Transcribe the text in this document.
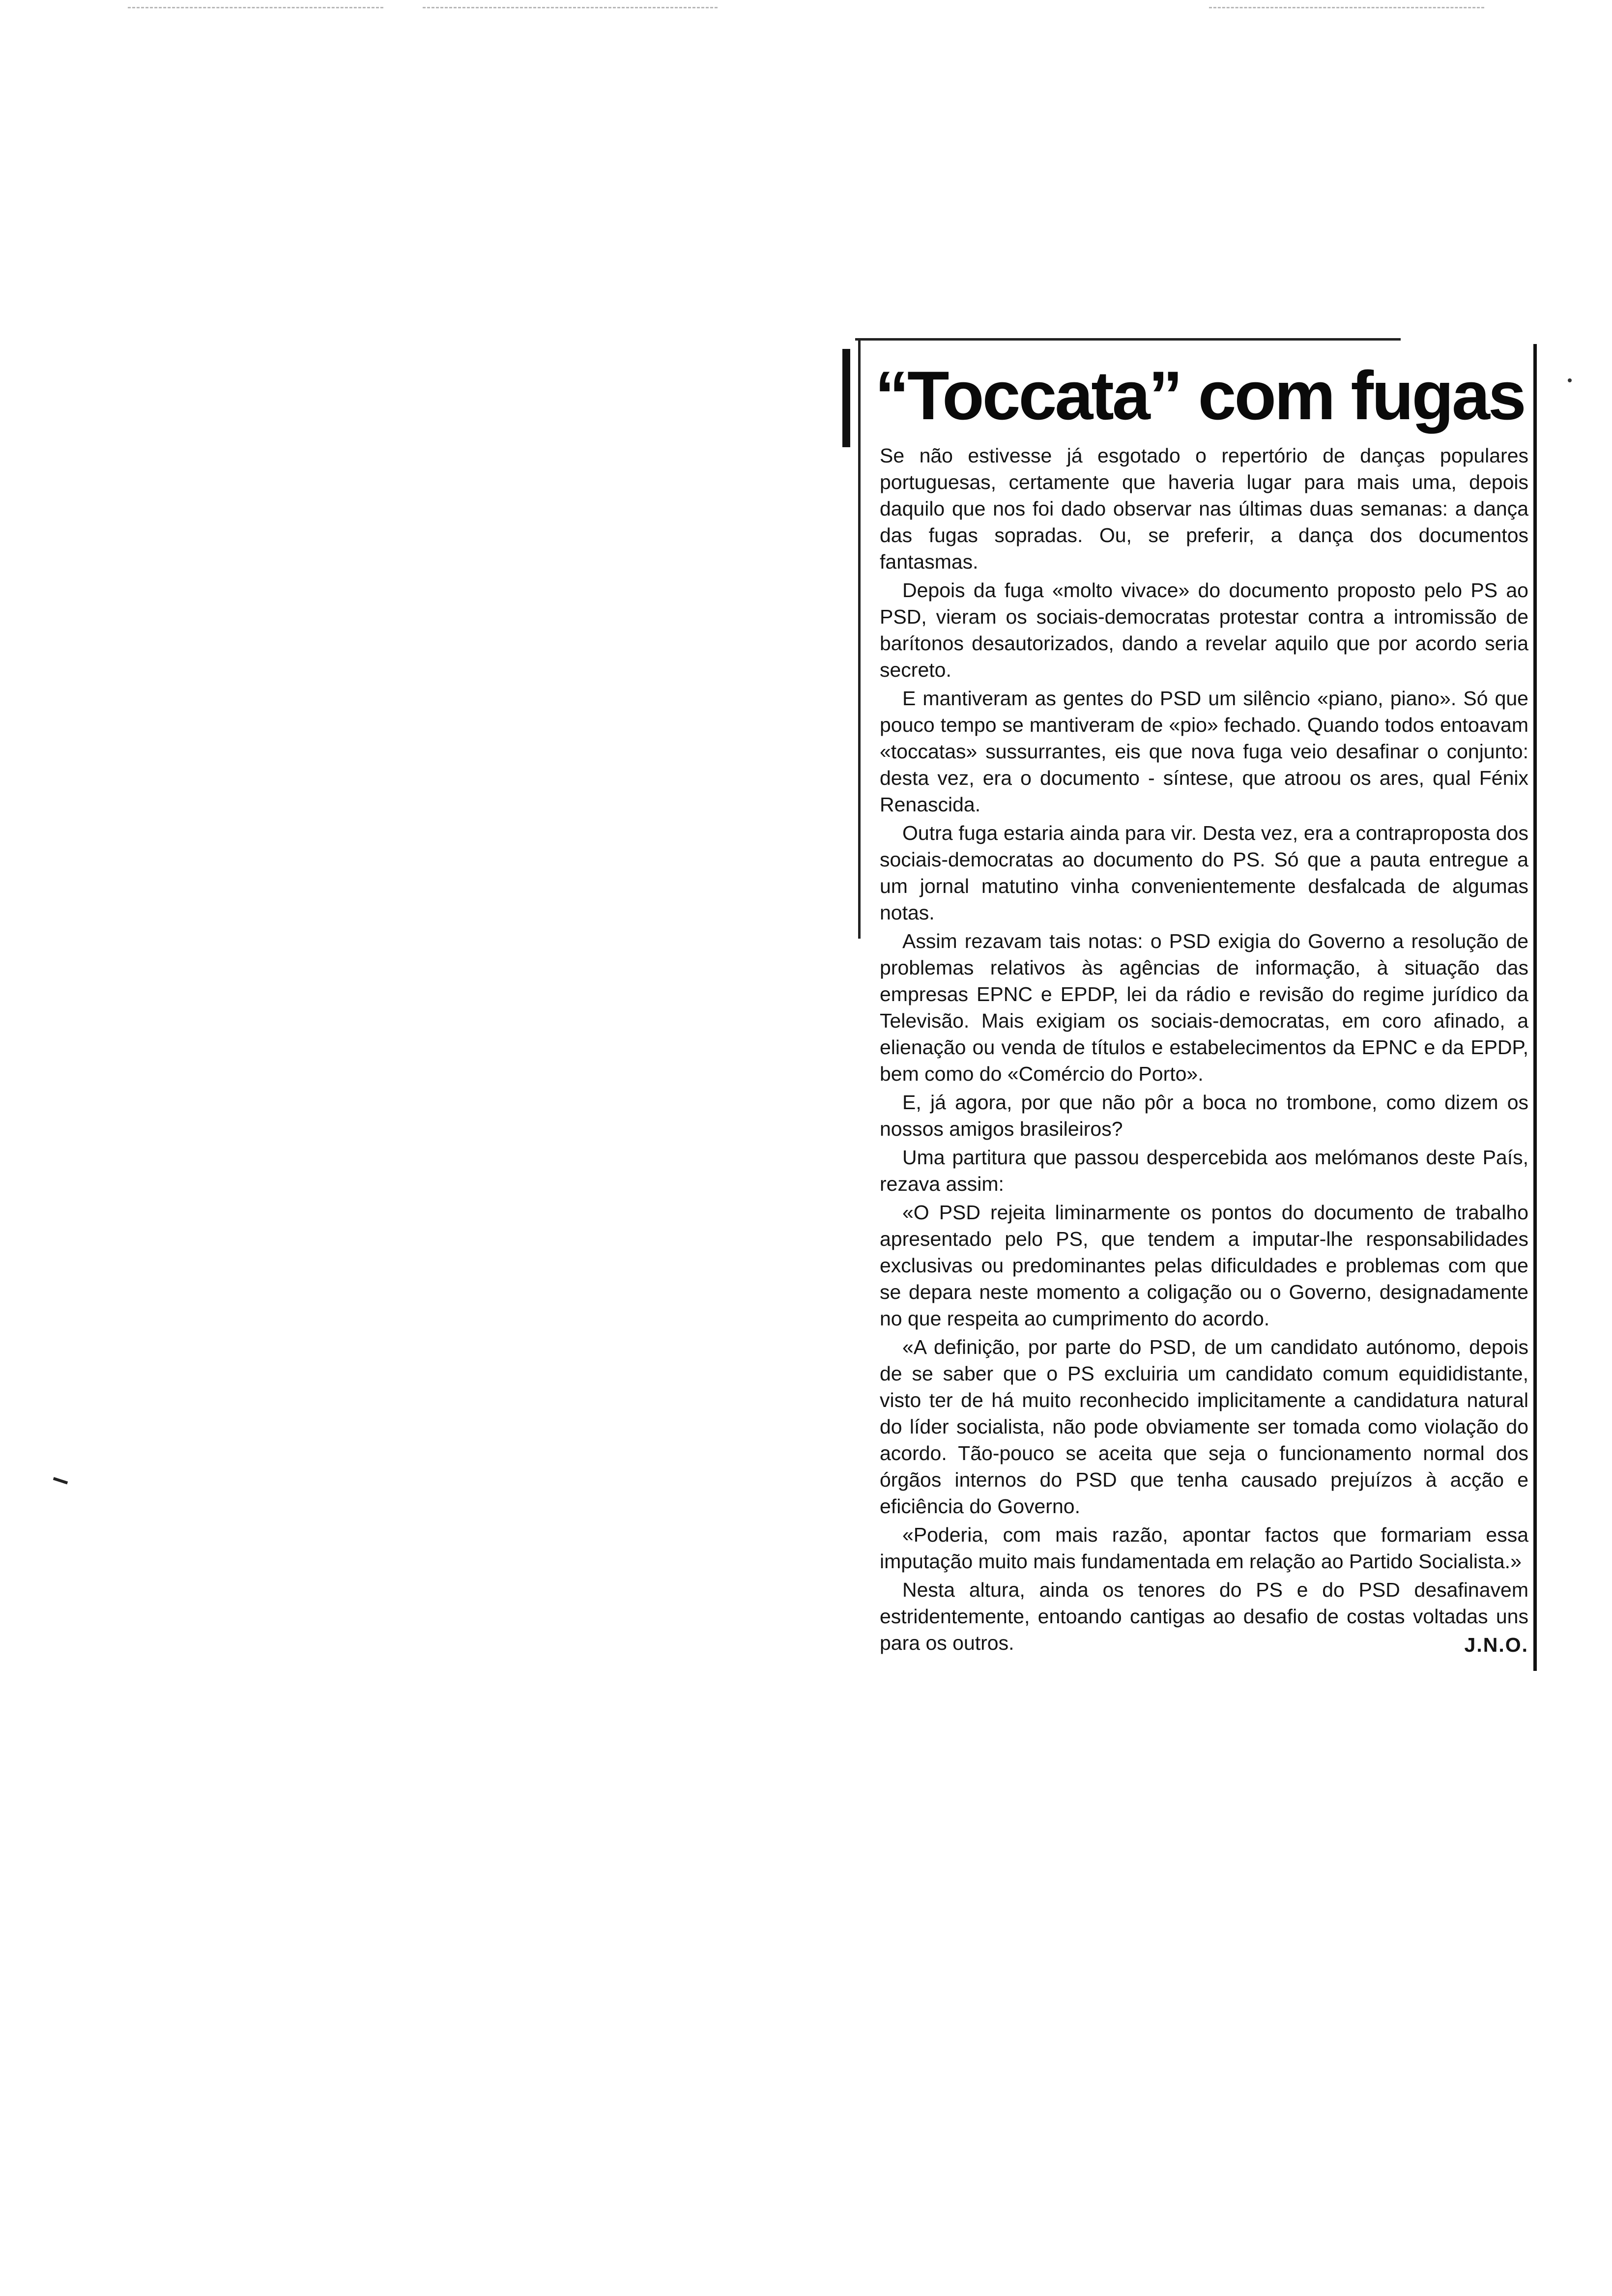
“Toccata” com fugas

Se não estivesse já esgotado o repertório de danças populares portuguesas, certamente que haveria lugar para mais uma, depois daquilo que nos foi dado observar nas últimas duas semanas: a dança das fugas sopradas. Ou, se preferir, a dança dos documentos fantasmas.

Depois da fuga «molto vivace» do documento proposto pelo PS ao PSD, vieram os sociais-democratas protestar contra a intromissão de barítonos desautorizados, dando a revelar aquilo que por acordo seria secreto.

E mantiveram as gentes do PSD um silêncio «piano, piano». Só que pouco tempo se mantiveram de «pio» fechado. Quando todos entoavam «toccatas» sussurrantes, eis que nova fuga veio desafinar o conjunto: desta vez, era o documento - síntese, que atroou os ares, qual Fénix Renascida.

Outra fuga estaria ainda para vir. Desta vez, era a contraproposta dos sociais-democratas ao documento do PS. Só que a pauta entregue a um jornal matutino vinha convenientemente desfalcada de algumas notas.

Assim rezavam tais notas: o PSD exigia do Governo a resolução de problemas relativos às agências de informação, à situação das empresas EPNC e EPDP, lei da rádio e revisão do regime jurídico da Televisão. Mais exigiam os sociais-democratas, em coro afinado, a elienação ou venda de títulos e estabelecimentos da EPNC e da EPDP, bem como do «Comércio do Porto».

E, já agora, por que não pôr a boca no trombone, como dizem os nossos amigos brasileiros?

Uma partitura que passou despercebida aos melómanos deste País, rezava assim:

«O PSD rejeita liminarmente os pontos do documento de trabalho apresentado pelo PS, que tendem a imputar-lhe responsabilidades exclusivas ou predominantes pelas dificuldades e problemas com que se depara neste momento a coligação ou o Governo, designadamente no que respeita ao cumprimento do acordo.

«A definição, por parte do PSD, de um candidato autónomo, depois de se saber que o PS excluiria um candidato comum equididistante, visto ter de há muito reconhecido implicitamente a candidatura natural do líder socialista, não pode obviamente ser tomada como violação do acordo. Tão-pouco se aceita que seja o funcionamento normal dos órgãos internos do PSD que tenha causado prejuízos à acção e eficiência do Governo.

«Poderia, com mais razão, apontar factos que formariam essa imputação muito mais fundamentada em relação ao Partido Socialista.»

Nesta altura, ainda os tenores do PS e do PSD desafinavem estridentemente, entoando cantigas ao desafio de costas voltadas uns para os outros.	J.N.O.
